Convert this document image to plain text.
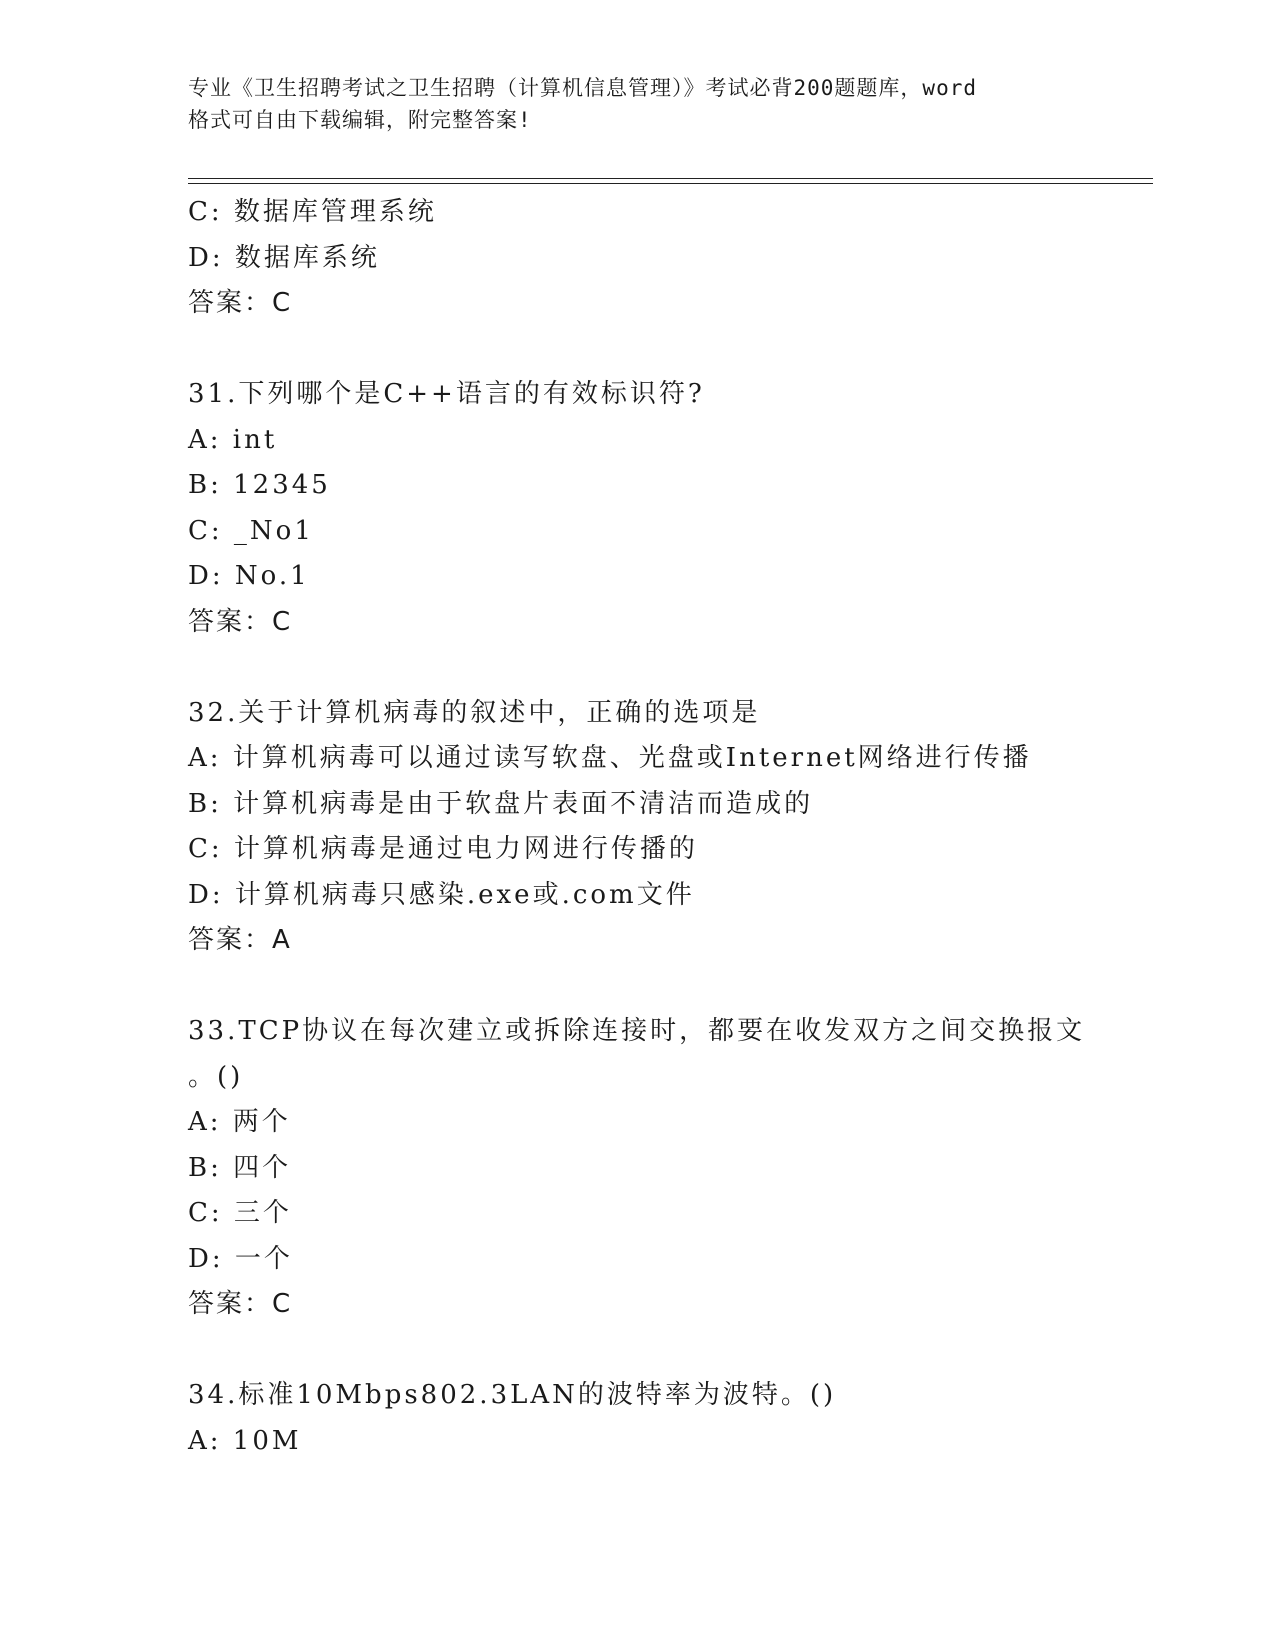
专业《卫生招聘考试之卫生招聘（计算机信息管理）》考试必背200题题库，word
格式可自由下载编辑，附完整答案!
C: 数据库管理系统
D: 数据库系统
答案：C
31.下列哪个是C++语言的有效标识符?
A: int
B: 12345
C: _No1
D: No.1
答案：C
32.关于计算机病毒的叙述中，正确的选项是
A: 计算机病毒可以通过读写软盘、光盘或Internet网络进行传播
B: 计算机病毒是由于软盘片表面不清洁而造成的
C: 计算机病毒是通过电力网进行传播的
D: 计算机病毒只感染.exe或.com文件
答案：A
33.TCP协议在每次建立或拆除连接时，都要在收发双方之间交换报文
。()
A: 两个
B: 四个
C: 三个
D: 一个
答案：C
34.标准10Mbps802.3LAN的波特率为波特。()
A: 10M
